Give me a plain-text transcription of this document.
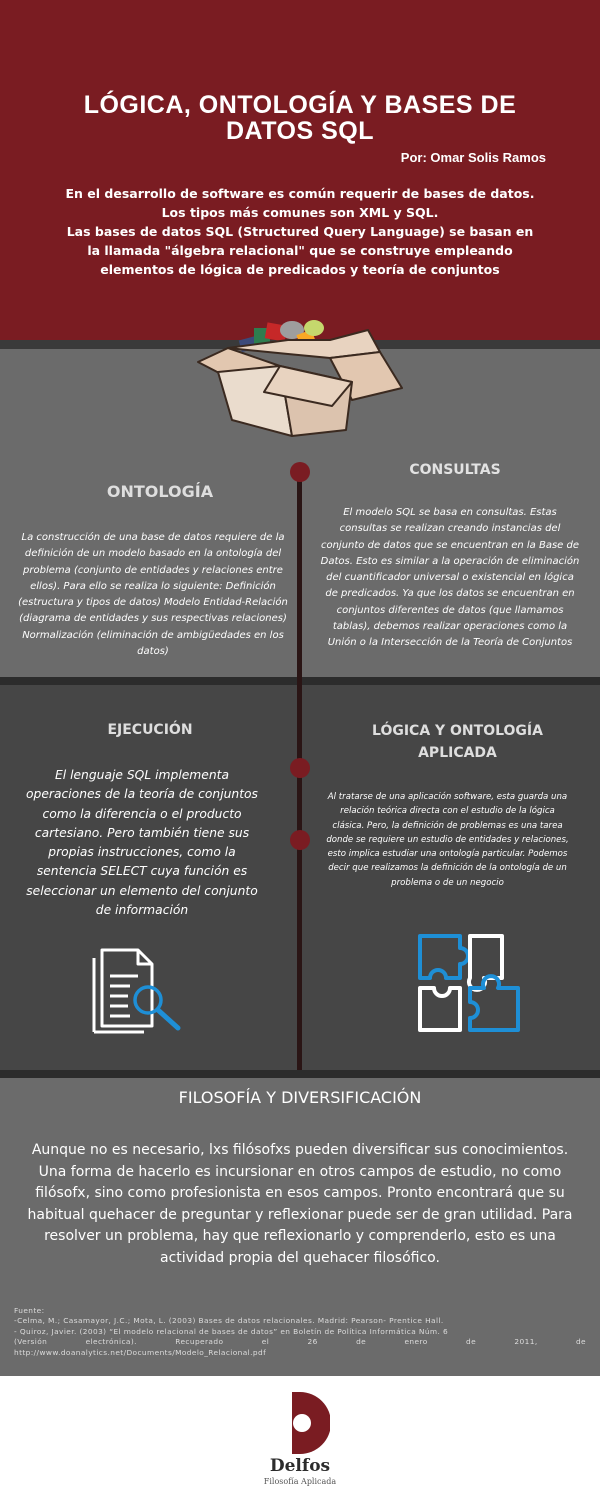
LÓGICA, ONTOLOGÍA Y BASES DE DATOS SQL
Por: Omar Solis Ramos
En el desarrollo de software es común requerir de bases de datos.
Los tipos más comunes son XML y SQL.
Las bases de datos SQL (Structured Query Language) se basan en
la llamada "álgebra relacional" que se construye empleando
elementos de lógica de predicados y teoría de conjuntos
ONTOLOGÍA
La construcción de una base de datos requiere de la definición de un modelo basado en la ontología del problema (conjunto de entidades y relaciones entre ellos). Para ello se realiza lo siguiente: Definición (estructura y tipos de datos) Modelo Entidad-Relación (diagrama de entidades y sus respectivas relaciones) Normalización (eliminación de ambigüedades en los datos)
CONSULTAS
El modelo SQL se basa en consultas. Estas consultas se realizan creando instancias del conjunto de datos que se encuentran en la Base de Datos. Esto es similar a la operación de eliminación del cuantificador universal o existencial en lógica de predicados. Ya que los datos se encuentran en conjuntos diferentes de datos (que llamamos tablas), debemos realizar operaciones como la Unión o la Intersección de la Teoría de Conjuntos
EJECUCIÓN
El lenguaje SQL implementa operaciones de la teoría de conjuntos como la diferencia o el producto cartesiano. Pero también tiene sus propias instrucciones, como la sentencia SELECT cuya función es seleccionar un elemento del conjunto de información
LÓGICA Y ONTOLOGÍA APLICADA
Al tratarse de una aplicación software, esta guarda una relación teórica directa con el estudio de la lógica clásica. Pero, la definición de problemas es una tarea donde se requiere un estudio de entidades y relaciones, esto implica estudiar una ontología particular. Podemos decir que realizamos la definición de la ontología de un problema o de un negocio
FILOSOFÍA Y DIVERSIFICACIÓN
Aunque no es necesario, lxs filósofxs pueden diversificar sus conocimientos. Una forma de hacerlo es incursionar en otros campos de estudio, no como filósofx, sino como profesionista en esos campos. Pronto encontrará que su habitual quehacer de preguntar y reflexionar puede ser de gran utilidad. Para resolver un problema, hay que reflexionarlo y comprenderlo, esto es una actividad propia del quehacer filosófico.
Fuente:
-Celma, M.; Casamayor, J.C.; Mota, L. (2003) Bases de datos relacionales. Madrid: Pearson- Prentice Hall.
- Quiroz, Javier. (2003) “El modelo relacional de bases de datos” en Boletín de Política Informática Núm. 6
(Versión electrónica). Recuperado el 26 de enero de 2011, de
http://www.doanalytics.net/Documents/Modelo_Relacional.pdf
Delfos
Filosofía Aplicada
